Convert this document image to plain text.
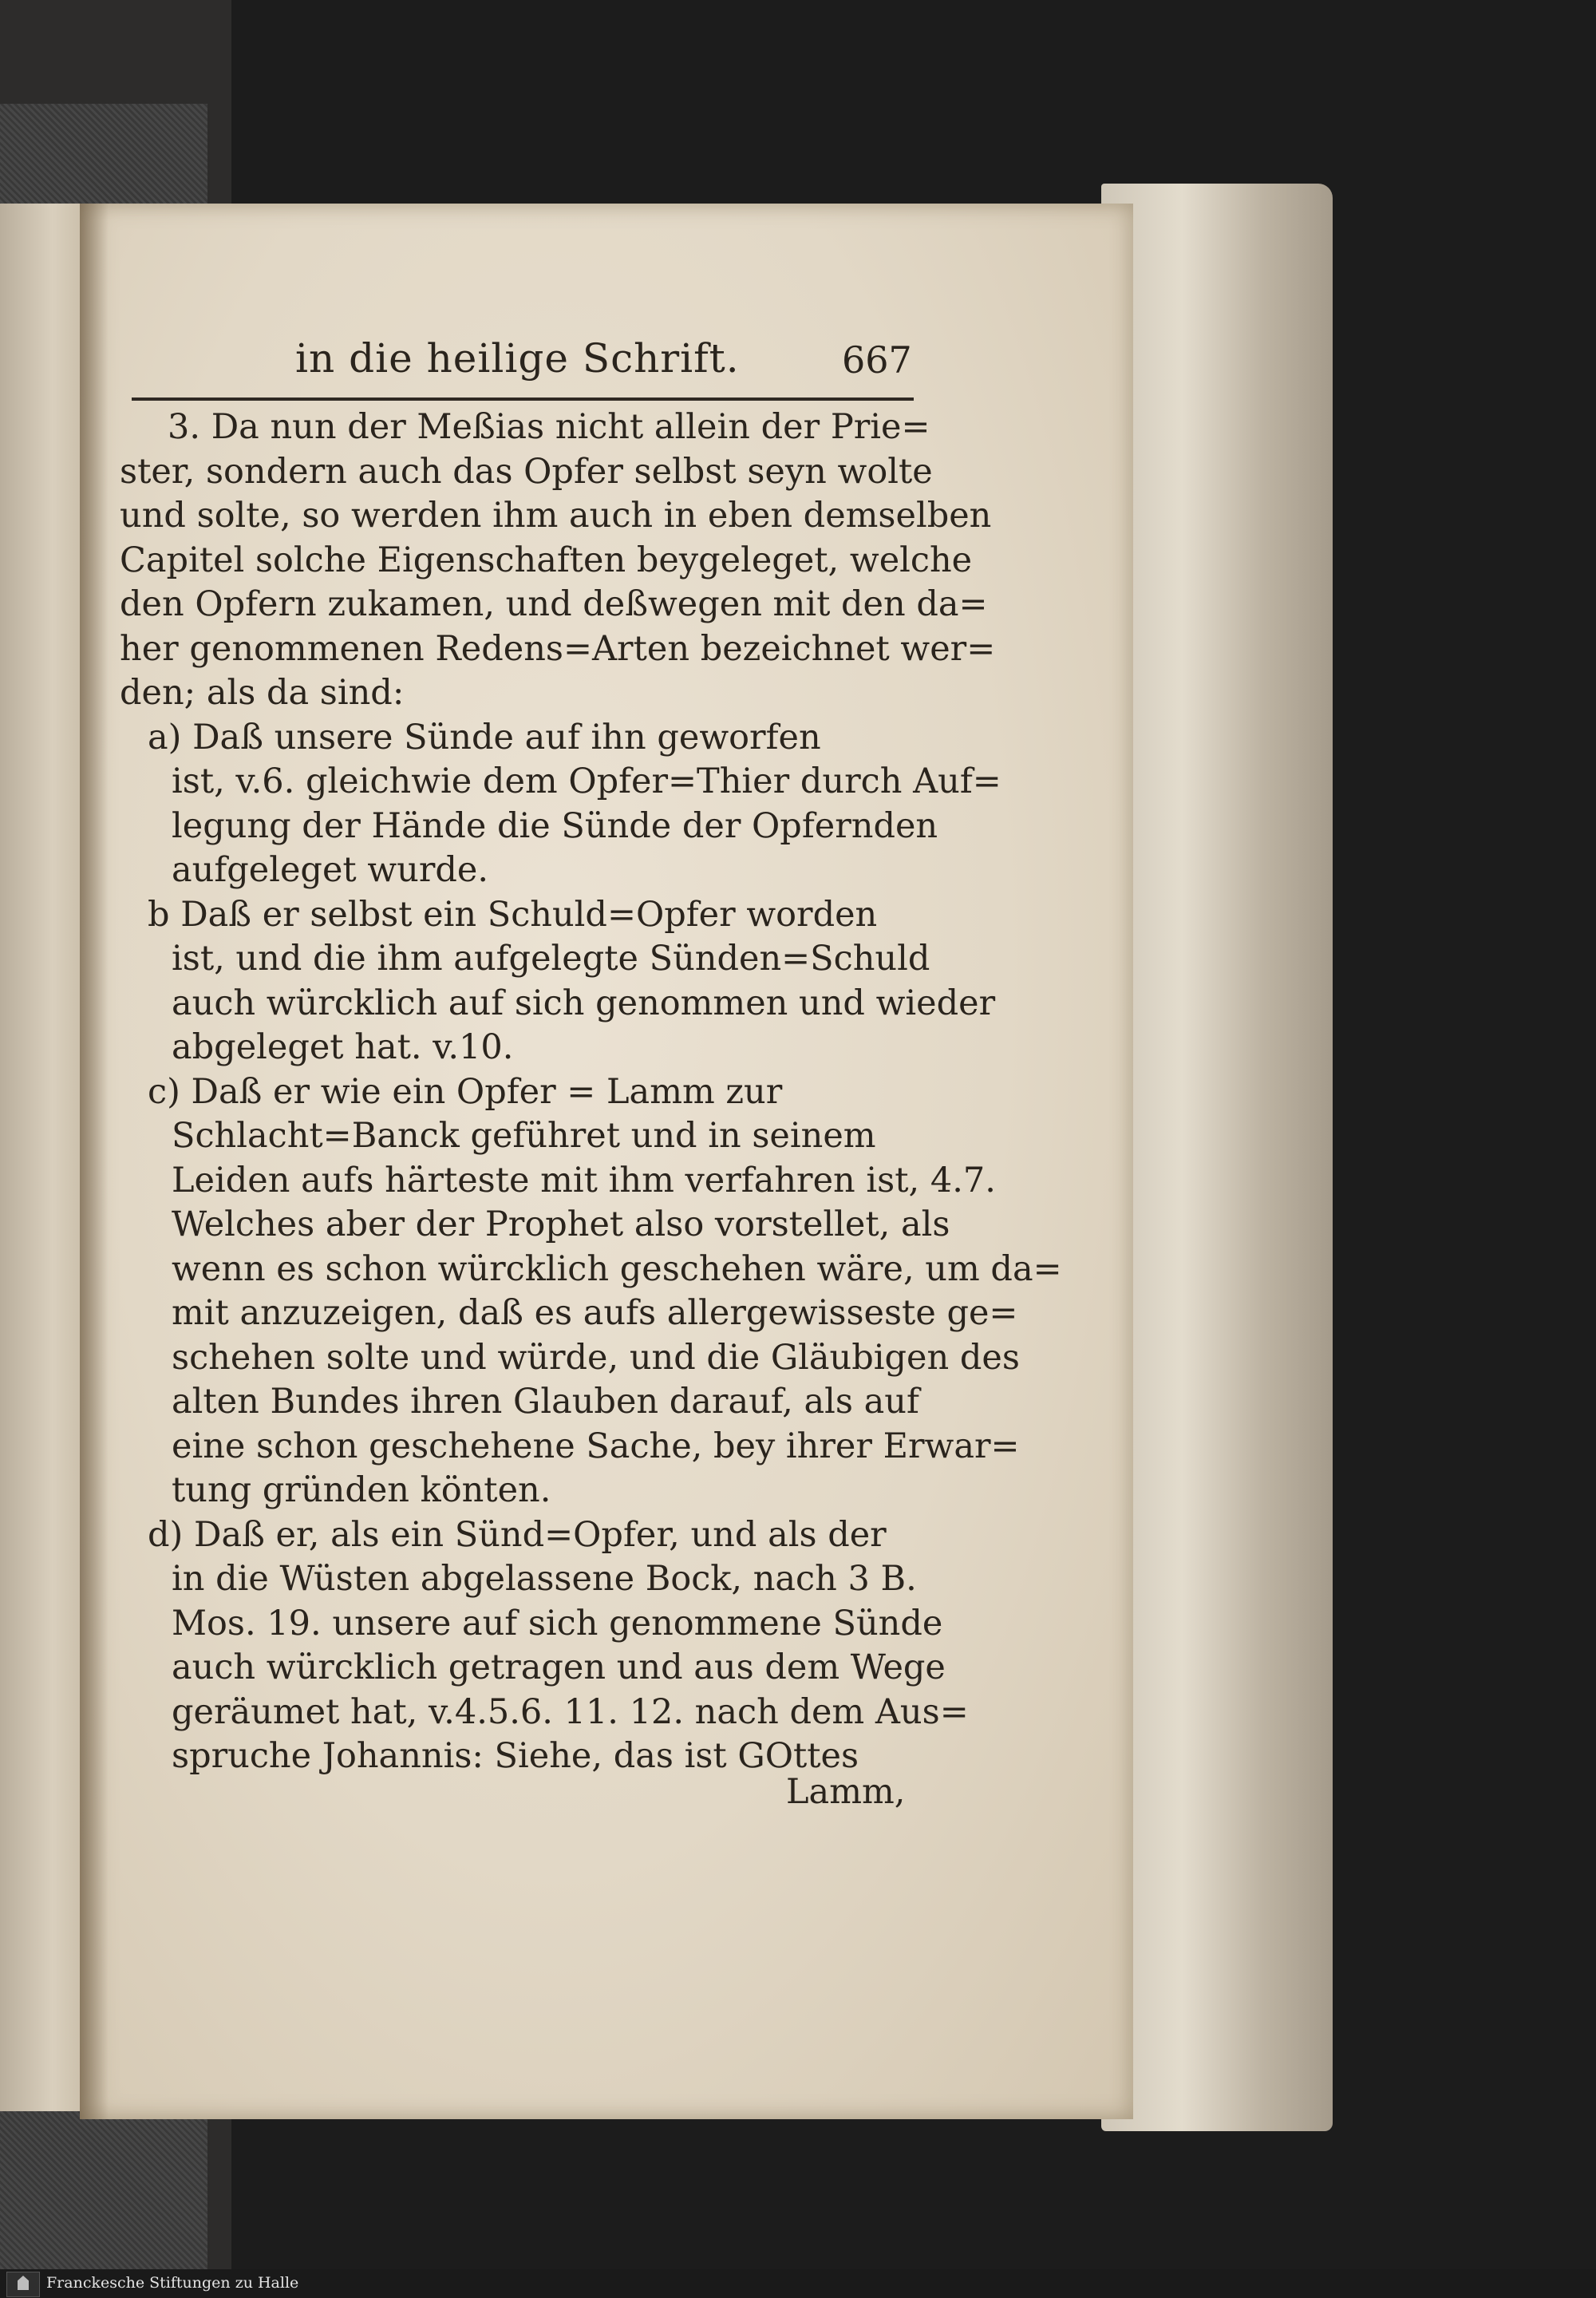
in die heilige Schrift.	667
3. Da nun der Meßias nicht allein der Prie=
ster, sondern auch das Opfer selbst seyn wolte
und solte, so werden ihm auch in eben demselben
Capitel solche Eigenschaften beygeleget, welche
den Opfern zukamen, und deßwegen mit den da=
her genommenen Redens=Arten bezeichnet wer=
den; als da sind:
a) Daß unsere Sünde auf ihn geworfen
ist, v.6. gleichwie dem Opfer=Thier durch Auf=
legung der Hände die Sünde der Opfernden
aufgeleget wurde.
b Daß er selbst ein Schuld=Opfer worden
ist, und die ihm aufgelegte Sünden=Schuld
auch würcklich auf sich genommen und wieder
abgeleget hat. v.10.
c) Daß er wie ein Opfer = Lamm zur
Schlacht=Banck geführet und in seinem
Leiden aufs härteste mit ihm verfahren ist, 4.7.
Welches aber der Prophet also vorstellet, als
wenn es schon würcklich geschehen wäre, um da=
mit anzuzeigen, daß es aufs allergewisseste ge=
schehen solte und würde, und die Gläubigen des
alten Bundes ihren Glauben darauf, als auf
eine schon geschehene Sache, bey ihrer Erwar=
tung gründen könten.
d) Daß er, als ein Sünd=Opfer, und als der
in die Wüsten abgelassene Bock, nach 3 B.
Mos. 19. unsere auf sich genommene Sünde
auch würcklich getragen und aus dem Wege
geräumet hat, v.4.5.6. 11. 12. nach dem Aus=
spruche Johannis: Siehe, das ist GOttes
Lamm,
Franckesche Stiftungen zu Halle
